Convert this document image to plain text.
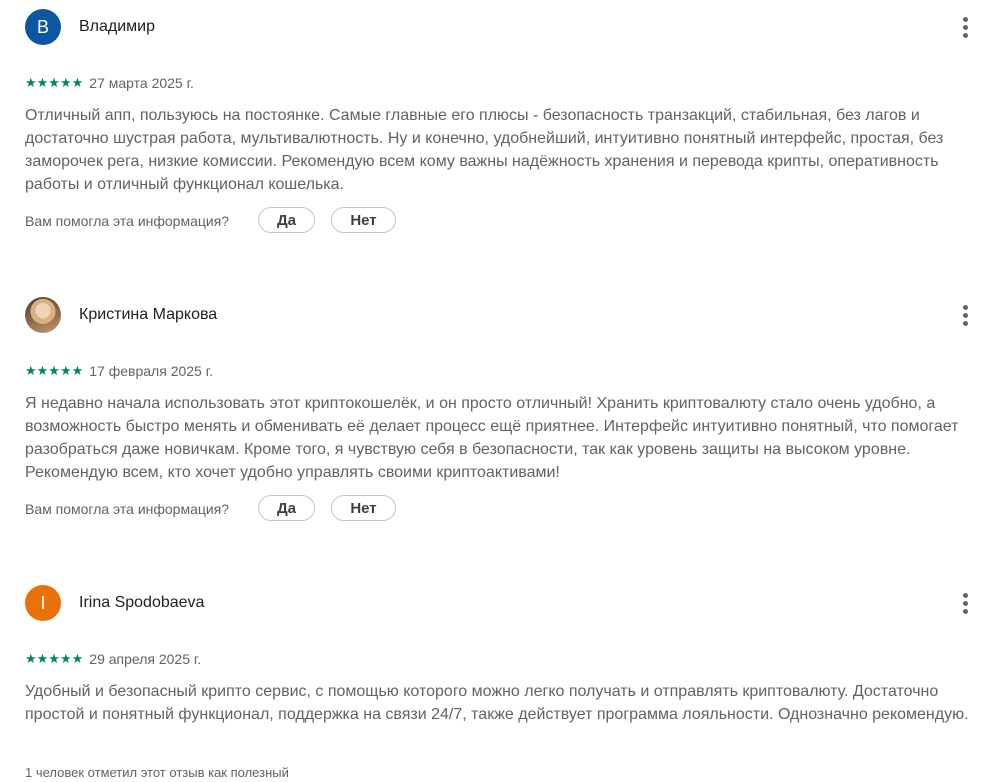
В	Владимир
★★★★★ 27 марта 2025 г.
Отличный апп, пользуюсь на постоянке. Самые главные его плюсы - безопасность транзакций, стабильная, без лагов и достаточно шустрая работа, мультивалютность. Ну и конечно, удобнейший, интуитивно понятный интерфейс, простая, без заморочек рега, низкие комиссии. Рекомендую всем кому важны надёжность хранения и перевода крипты, оперативность работы и отличный функционал кошелька.
Вам помогла эта информация?	Да	Нет
Кристина Маркова
★★★★★ 17 февраля 2025 г.
Я недавно начала использовать этот криптокошелёк, и он просто отличный! Хранить криптовалюту стало очень удобно, а возможность быстро менять и обменивать её делает процесс ещё приятнее. Интерфейс интуитивно понятный, что помогает разобраться даже новичкам. Кроме того, я чувствую себя в безопасности, так как уровень защиты на высоком уровне. Рекомендую всем, кто хочет удобно управлять своими криптоактивами!
Вам помогла эта информация?	Да	Нет
I	Irina Spodobaeva
★★★★★ 29 апреля 2025 г.
Удобный и безопасный крипто сервис, с помощью которого можно легко получать и отправлять криптовалюту. Достаточно простой и понятный функционал, поддержка на связи 24/7, также действует программа лояльности. Однозначно рекомендую.
1 человек отметил этот отзыв как полезный
